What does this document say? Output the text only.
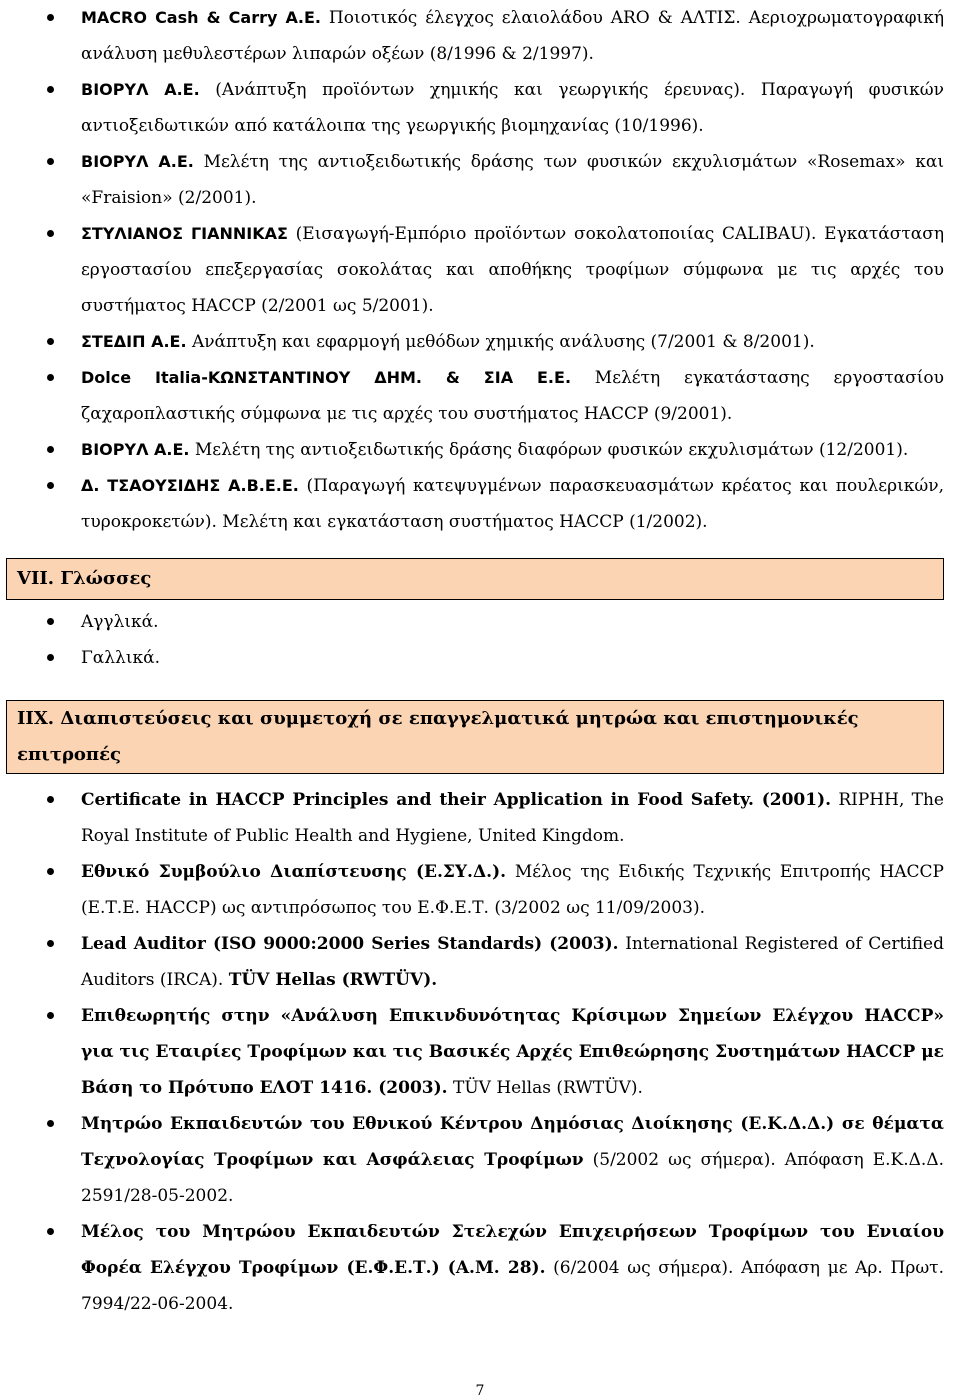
MACRO Cash & Carry Α.Ε. Ποιοτικός έλεγχος ελαιολάδου ARO & ΑΛΤΙΣ. Αεριοχρωματογραφική ανάλυση μεθυλεστέρων λιπαρών οξέων (8/1996 & 2/1997).
ΒΙΟΡΥΛ Α.Ε. (Ανάπτυξη προϊόντων χημικής και γεωργικής έρευνας). Παραγωγή φυσικών αντιοξειδωτικών από κατάλοιπα της γεωργικής βιομηχανίας (10/1996).
ΒΙΟΡΥΛ Α.Ε. Μελέτη της αντιοξειδωτικής δράσης των φυσικών εκχυλισμάτων «Rosemax» και «Fraision» (2/2001).
ΣΤΥΛΙΑΝΟΣ ΓΙΑΝΝΙΚΑΣ (Εισαγωγή-Εμπόριο προϊόντων σοκολατοποιίας CALIBAU). Εγκατάσταση εργοστασίου επεξεργασίας σοκολάτας και αποθήκης τροφίμων σύμφωνα με τις αρχές του συστήματος HACCP (2/2001 ως 5/2001).
ΣΤΕΔΙΠ Α.Ε. Ανάπτυξη και εφαρμογή μεθόδων χημικής ανάλυσης (7/2001 & 8/2001).
Dolce Italia-ΚΩΝΣΤΑΝΤΙΝΟΥ ΔΗΜ. & ΣΙΑ Ε.Ε. Μελέτη εγκατάστασης εργοστασίου ζαχαροπλαστικής σύμφωνα με τις αρχές του συστήματος HACCP (9/2001).
ΒΙΟΡΥΛ Α.Ε. Μελέτη της αντιοξειδωτικής δράσης διαφόρων φυσικών εκχυλισμάτων (12/2001).
Δ. ΤΣΑΟΥΣΙΔΗΣ Α.Β.Ε.Ε. (Παραγωγή κατεψυγμένων παρασκευασμάτων κρέατος και πουλερικών, τυροκροκετών). Μελέτη και εγκατάσταση συστήματος HACCP (1/2002).
VII. Γλώσσες
Αγγλικά.
Γαλλικά.
IIX. Διαπιστεύσεις και συμμετοχή σε επαγγελματικά μητρώα και επιστημονικές επιτροπές
Certificate in HACCP Principles and their Application in Food Safety. (2001). RIPHH, The Royal Institute of Public Health and Hygiene, United Kingdom.
Εθνικό Συμβούλιο Διαπίστευσης (Ε.ΣΥ.Δ.). Μέλος της Ειδικής Τεχνικής Επιτροπής HACCP (Ε.Τ.Ε. HACCP) ως αντιπρόσωπος του Ε.Φ.Ε.Τ. (3/2002 ως 11/09/2003).
Lead Auditor (ISO 9000:2000 Series Standards) (2003). International Registered of Certified Auditors (IRCA). TÜV Hellas (RWTÜV).
Επιθεωρητής στην «Ανάλυση Επικινδυνότητας Κρίσιμων Σημείων Ελέγχου HACCP» για τις Εταιρίες Τροφίμων και τις Βασικές Αρχές Επιθεώρησης Συστημάτων HACCP με Βάση το Πρότυπο ΕΛΟΤ 1416. (2003). TÜV Hellas (RWTÜV).
Μητρώο Εκπαιδευτών του Εθνικού Κέντρου Δημόσιας Διοίκησης (Ε.Κ.Δ.Δ.) σε θέματα Τεχνολογίας Τροφίμων και Ασφάλειας Τροφίμων (5/2002 ως σήμερα). Απόφαση Ε.Κ.Δ.Δ. 2591/28-05-2002.
Μέλος του Μητρώου Εκπαιδευτών Στελεχών Επιχειρήσεων Τροφίμων του Ενιαίου Φορέα Ελέγχου Τροφίμων (Ε.Φ.Ε.Τ.) (Α.Μ. 28). (6/2004 ως σήμερα). Απόφαση με Αρ. Πρωτ. 7994/22-06-2004.
7
